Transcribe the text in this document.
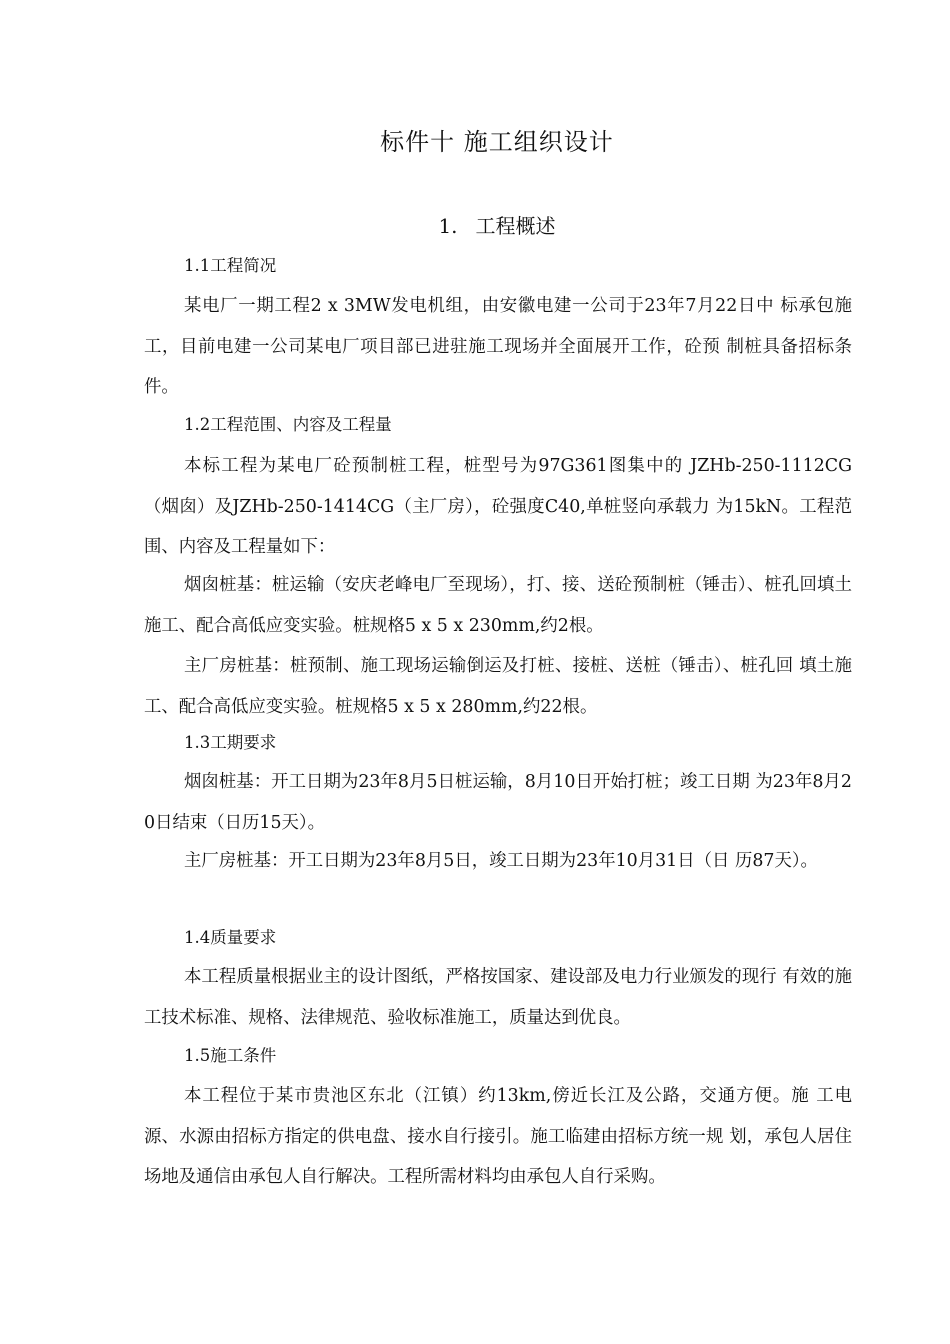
标件十 施工组织设计
1. 工程概述
1.1工程简况

某电厂一期工程2 x 3MW发电机组，由安徽电建一公司于23年7月22日中 标承包施工，目前电建一公司某电厂项目部已进驻施工现场并全面展开工作，砼预 制桩具备招标条件。

1.2工程范围、内容及工程量

本标工程为某电厂砼预制桩工程，桩型号为97G361图集中的 JZHb-250-1112CG（烟囱）及JZHb-250-1414CG（主厂房），砼强度C40,单桩竖向承载力 为15kN。工程范围、内容及工程量如下：

烟囱桩基：桩运输（安庆老峰电厂至现场），打、接、送砼预制桩（锤击）、桩孔回填土施工、配合高低应变实验。桩规格5 x 5 x 230mm,约2根。

主厂房桩基：桩预制、施工现场运输倒运及打桩、接桩、送桩（锤击）、桩孔回 填土施工、配合高低应变实验。桩规格5 x 5 x 280mm,约22根。

1.3工期要求

烟囱桩基：开工日期为23年8月5日桩运输，8月10日开始打桩；竣工日期 为23年8月20日结束（日历15天）。

主厂房桩基：开工日期为23年8月5日，竣工日期为23年10月31日（日 历87天）。

1.4质量要求

本工程质量根据业主的设计图纸，严格按国家、建设部及电力行业颁发的现行 有效的施工技术标准、规格、法律规范、验收标准施工，质量达到优良。

1.5施工条件

本工程位于某市贵池区东北（江镇）约13km,傍近长江及公路，交通方便。施 工电源、水源由招标方指定的供电盘、接水自行接引。施工临建由招标方统一规 划，承包人居住场地及通信由承包人自行解决。工程所需材料均由承包人自行采购。
